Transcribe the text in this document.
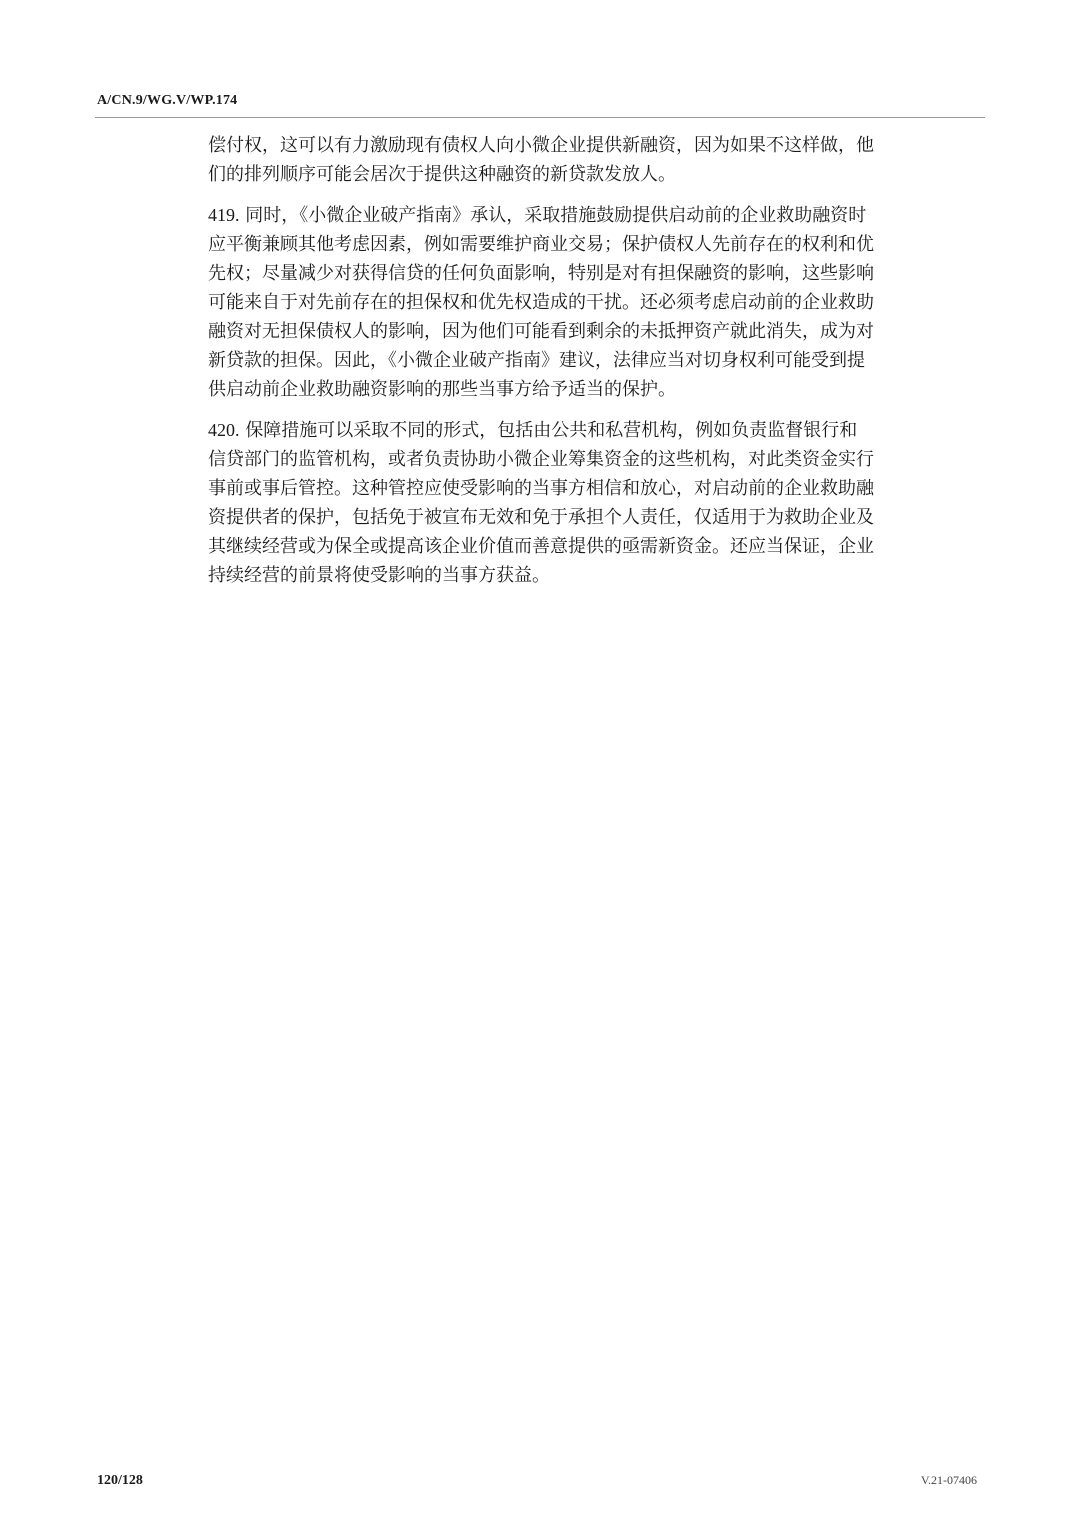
A/CN.9/WG.V/WP.174

偿付权，这可以有力激励现有债权人向小微企业提供新融资，因为如果不这样做，他们的排列顺序可能会居次于提供这种融资的新贷款发放人。

419. 同时，《小微企业破产指南》承认，采取措施鼓励提供启动前的企业救助融资时应平衡兼顾其他考虑因素，例如需要维护商业交易；保护债权人先前存在的权利和优先权；尽量减少对获得信贷的任何负面影响，特别是对有担保融资的影响，这些影响可能来自于对先前存在的担保权和优先权造成的干扰。还必须考虑启动前的企业救助融资对无担保债权人的影响，因为他们可能看到剩余的未抵押资产就此消失，成为对新贷款的担保。因此，《小微企业破产指南》建议，法律应当对切身权利可能受到提供启动前企业救助融资影响的那些当事方给予适当的保护。

420. 保障措施可以采取不同的形式，包括由公共和私营机构，例如负责监督银行和信贷部门的监管机构，或者负责协助小微企业筹集资金的这些机构，对此类资金实行事前或事后管控。这种管控应使受影响的当事方相信和放心，对启动前的企业救助融资提供者的保护，包括免于被宣布无效和免于承担个人责任，仅适用于为救助企业及其继续经营或为保全或提高该企业价值而善意提供的亟需新资金。还应当保证，企业持续经营的前景将使受影响的当事方获益。

120/128	V.21-07406
